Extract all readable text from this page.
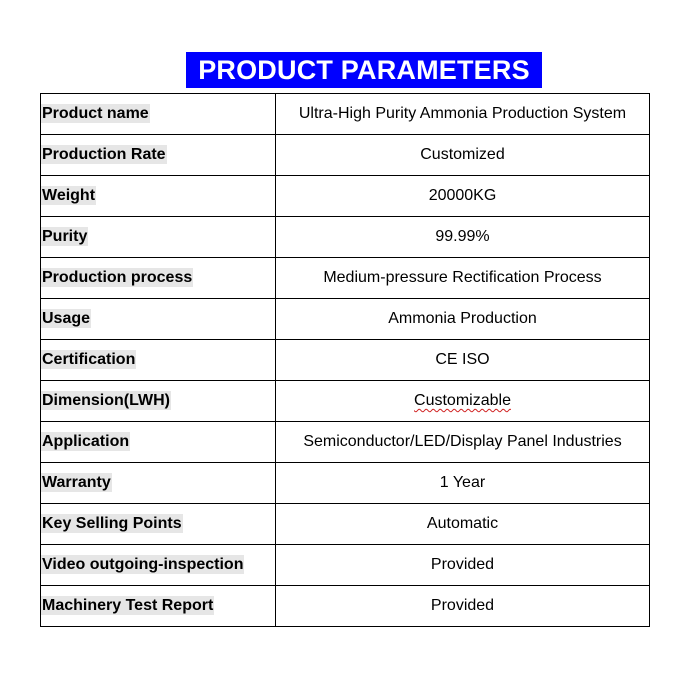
PRODUCT PARAMETERS
Product name	Ultra-High Purity Ammonia Production System
Production Rate	Customized
Weight	20000KG
Purity	99.99%
Production process	Medium-pressure Rectification Process
Usage	Ammonia Production
Certification	CE ISO
Dimension(LWH)	Customizable
Application	Semiconductor/LED/Display Panel Industries
Warranty	1 Year
Key Selling Points	Automatic
Video outgoing-inspection	Provided
Machinery Test Report	Provided
